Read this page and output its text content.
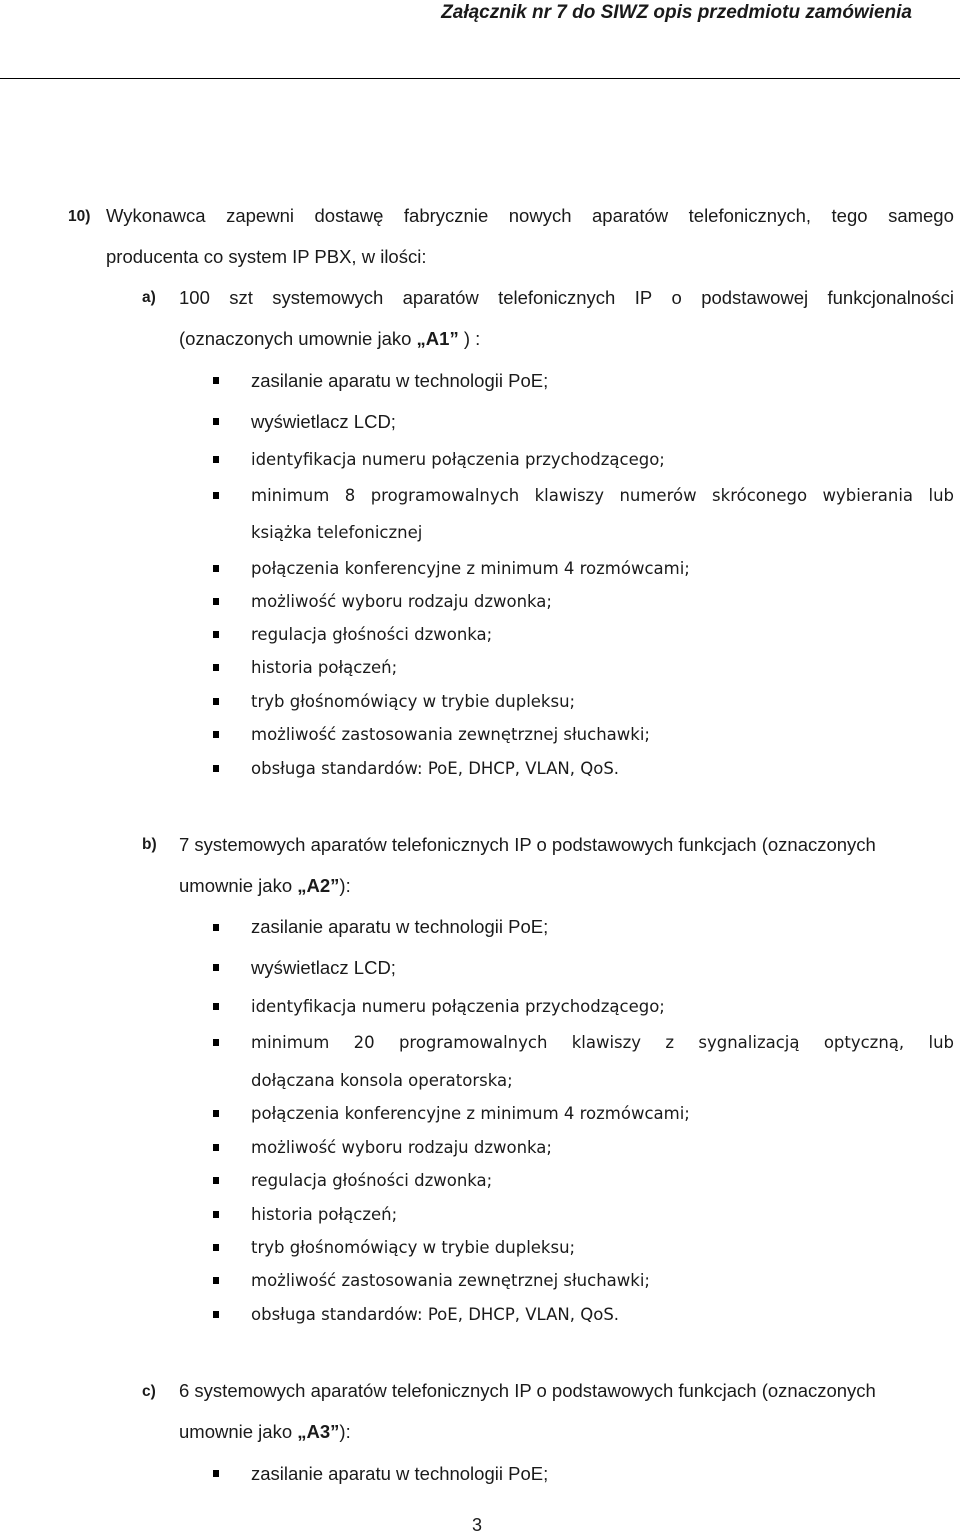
Załącznik nr 7 do SIWZ opis przedmiotu zamówienia
10) Wykonawca zapewni dostawę fabrycznie nowych aparatów telefonicznych, tego samego
producenta co system IP PBX, w ilości:
a) 100 szt systemowych aparatów telefonicznych IP o podstawowej funkcjonalności
(oznaczonych umownie jako „A1” ) :
zasilanie aparatu w technologii PoE;
wyświetlacz LCD;
identyfikacja numeru połączenia przychodzącego;
minimum 8 programowalnych klawiszy numerów skróconego wybierania lub
książka telefonicznej
połączenia konferencyjne z minimum 4 rozmówcami;
możliwość wyboru rodzaju dzwonka;
regulacja głośności dzwonka;
historia połączeń;
tryb głośnomówiący w trybie dupleksu;
możliwość zastosowania zewnętrznej słuchawki;
obsługa standardów: PoE, DHCP, VLAN, QoS.
b) 7 systemowych aparatów telefonicznych IP o podstawowych funkcjach (oznaczonych
umownie jako „A2”):
zasilanie aparatu w technologii PoE;
wyświetlacz LCD;
identyfikacja numeru połączenia przychodzącego;
minimum 20 programowalnych klawiszy z sygnalizacją optyczną, lub
dołączana konsola operatorska;
połączenia konferencyjne z minimum 4 rozmówcami;
możliwość wyboru rodzaju dzwonka;
regulacja głośności dzwonka;
historia połączeń;
tryb głośnomówiący w trybie dupleksu;
możliwość zastosowania zewnętrznej słuchawki;
obsługa standardów: PoE, DHCP, VLAN, QoS.
c) 6 systemowych aparatów telefonicznych IP o podstawowych funkcjach (oznaczonych
umownie jako „A3”):
zasilanie aparatu w technologii PoE;
3
